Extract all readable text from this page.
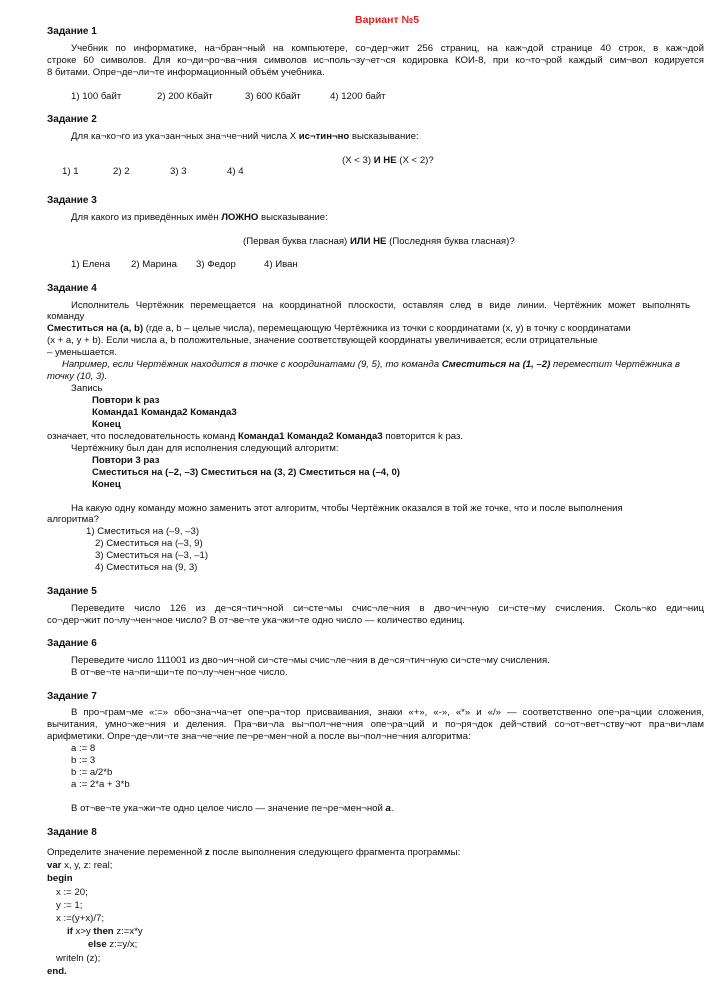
Вариант №5
Задание 1
Учебник по информатике, на¬бран¬ный на компьютере, со¬дер¬жит 256 страниц, на каж¬дой странице 40 строк, в каж¬дой
строке 60 символов. Для ко¬ди¬ро¬ва¬ния символов ис¬поль¬зу¬ет¬ся кодировка КОИ-8, при ко¬то¬рой каждый сим¬вол кодируется
8 битами. Опре¬де¬ли¬те информационный объём учебника.
1) 100 байт	2) 200 Кбайт	3) 600 Кбайт	4) 1200 байт
Задание 2
Для ка¬ко¬го из ука¬зан¬ных зна¬че¬ний числа X ис¬тин¬но высказывание:
(X < 3) И НЕ (X < 2)?
1) 1	2) 2	3) 3	4) 4
Задание 3
Для какого из приведённых имён ЛОЖНО высказывание:
(Первая буква гласная) ИЛИ НЕ (Последняя буква гласная)?
1) Елена 2) Марина 3) Федор	4) Иван
Задание 4
Исполнитель Чертёжник перемещается на координатной плоскости, оставляя след в виде линии. Чертёжник может выполнять
команду
Сместиться на (a, b) (где a, b – целые числа), перемещающую Чертёжника из точки с координатами (x, y) в точку с координатами
(x + a, y + b). Если числа a, b положительные, значение соответствующей координаты увеличивается; если отрицательные
– уменьшается.
Например, если Чертёжник находится в точке с координатами (9, 5), то команда Сместиться на (1, –2) переместит Чертёжника в
точку (10, 3).
Запись
Повтори k раз
Команда1 Команда2 Команда3
Конец
означает, что последовательность команд Команда1 Команда2 Команда3 повторится k раз.
Чертёжнику был дан для исполнения следующий алгоритм:
Повтори 3 раз
Сместиться на (–2, –3) Сместиться на (3, 2) Сместиться на (–4, 0)
Конец
На какую одну команду можно заменить этот алгоритм, чтобы Чертёжник оказался в той же точке, что и после выполнения
алгоритма?
1) Сместиться на (–9, –3)
2) Сместиться на (–3, 9)
3) Сместиться на (–3, –1)
4) Сместиться на (9, 3)
Задание 5
Переведите число 126 из де¬ся¬тич¬ной си¬сте¬мы счис¬ле¬ния в дво¬ич¬ную си¬сте¬му счисления. Сколь¬ко еди¬ниц
со¬дер¬жит по¬лу¬чен¬ное число? В от¬ве¬те ука¬жи¬те одно число — количество единиц.
Задание 6
Переведите число 111001 из дво¬ич¬ной си¬сте¬мы счис¬ле¬ния в де¬ся¬тич¬ную си¬сте¬му счисления.
В от¬ве¬те на¬пи¬ши¬те по¬лу¬чен¬ное число.
Задание 7
В про¬грам¬ме «:=» обо¬зна¬ча¬ет опе¬ра¬тор присваивания, знаки «+», «-», «*» и «/» — соответственно опе¬ра¬ции сложения,
вычитания, умно¬же¬ния и деления. Пра¬ви¬ла вы¬пол¬не¬ния опе¬ра¬ций и по¬ря¬док дей¬ствий со¬от¬вет¬ству¬ют пра¬ви¬лам
арифметики. Опре¬де¬ли¬те зна¬че¬ние пе¬ре¬мен¬ной a после вы¬пол¬не¬ния алгоритма:
a := 8
b := 3
b := a/2*b
a := 2*a + 3*b
В от¬ве¬те ука¬жи¬те одно целое число — значение пе¬ре¬мен¬ной a.
Задание 8
Определите значение переменной z после выполнения следующего фрагмента программы:
var x, y, z: real;
begin
x := 20;
y := 1;
x :=(y+x)/7;
if x>y then z:=x*y
else z:=y/x;
writeln (z);
end.
